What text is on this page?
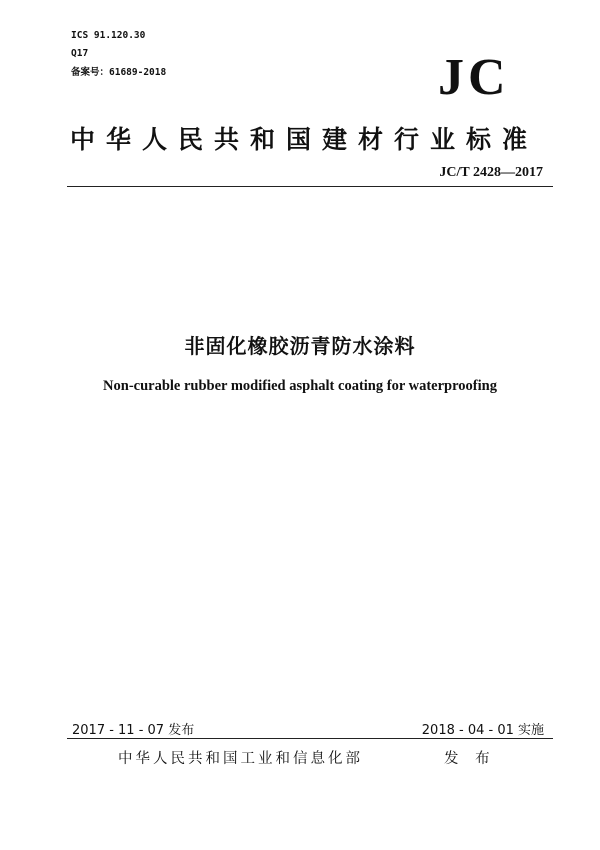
ICS 91.120.30
Q17
备案号：61689-2018	JC
中华人民共和国建材行业标准
JC/T 2428—2017
非固化橡胶沥青防水涂料
Non-curable rubber modified asphalt coating for waterproofing
2017 - 11 - 07 发布	2018 - 04 - 01 实施
中华人民共和国工业和信息化部	发 布
